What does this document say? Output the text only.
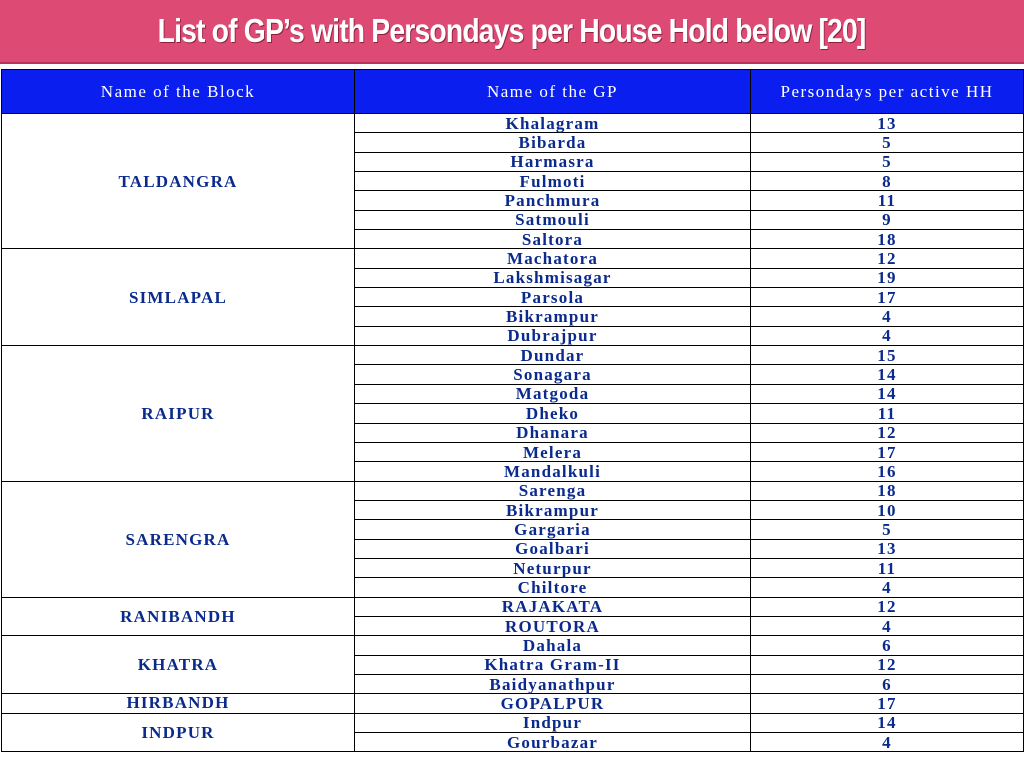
List of GP’s with Persondays per House Hold below [20]
Name of the Block	Name of the GP	Persondays per active HH
TALDANGRA	Khalagram	13
	Bibarda	5
	Harmasra	5
	Fulmoti	8
	Panchmura	11
	Satmouli	9
	Saltora	18
SIMLAPAL	Machatora	12
	Lakshmisagar	19
	Parsola	17
	Bikrampur	4
	Dubrajpur	4
RAIPUR	Dundar	15
	Sonagara	14
	Matgoda	14
	Dheko	11
	Dhanara	12
	Melera	17
	Mandalkuli	16
SARENGRA	Sarenga	18
	Bikrampur	10
	Gargaria	5
	Goalbari	13
	Neturpur	11
	Chiltore	4
RANIBANDH	RAJAKATA	12
	ROUTORA	4
KHATRA	Dahala	6
	Khatra Gram-II	12
	Baidyanathpur	6
HIRBANDH	GOPALPUR	17
INDPUR	Indpur	14
	Gourbazar	4
